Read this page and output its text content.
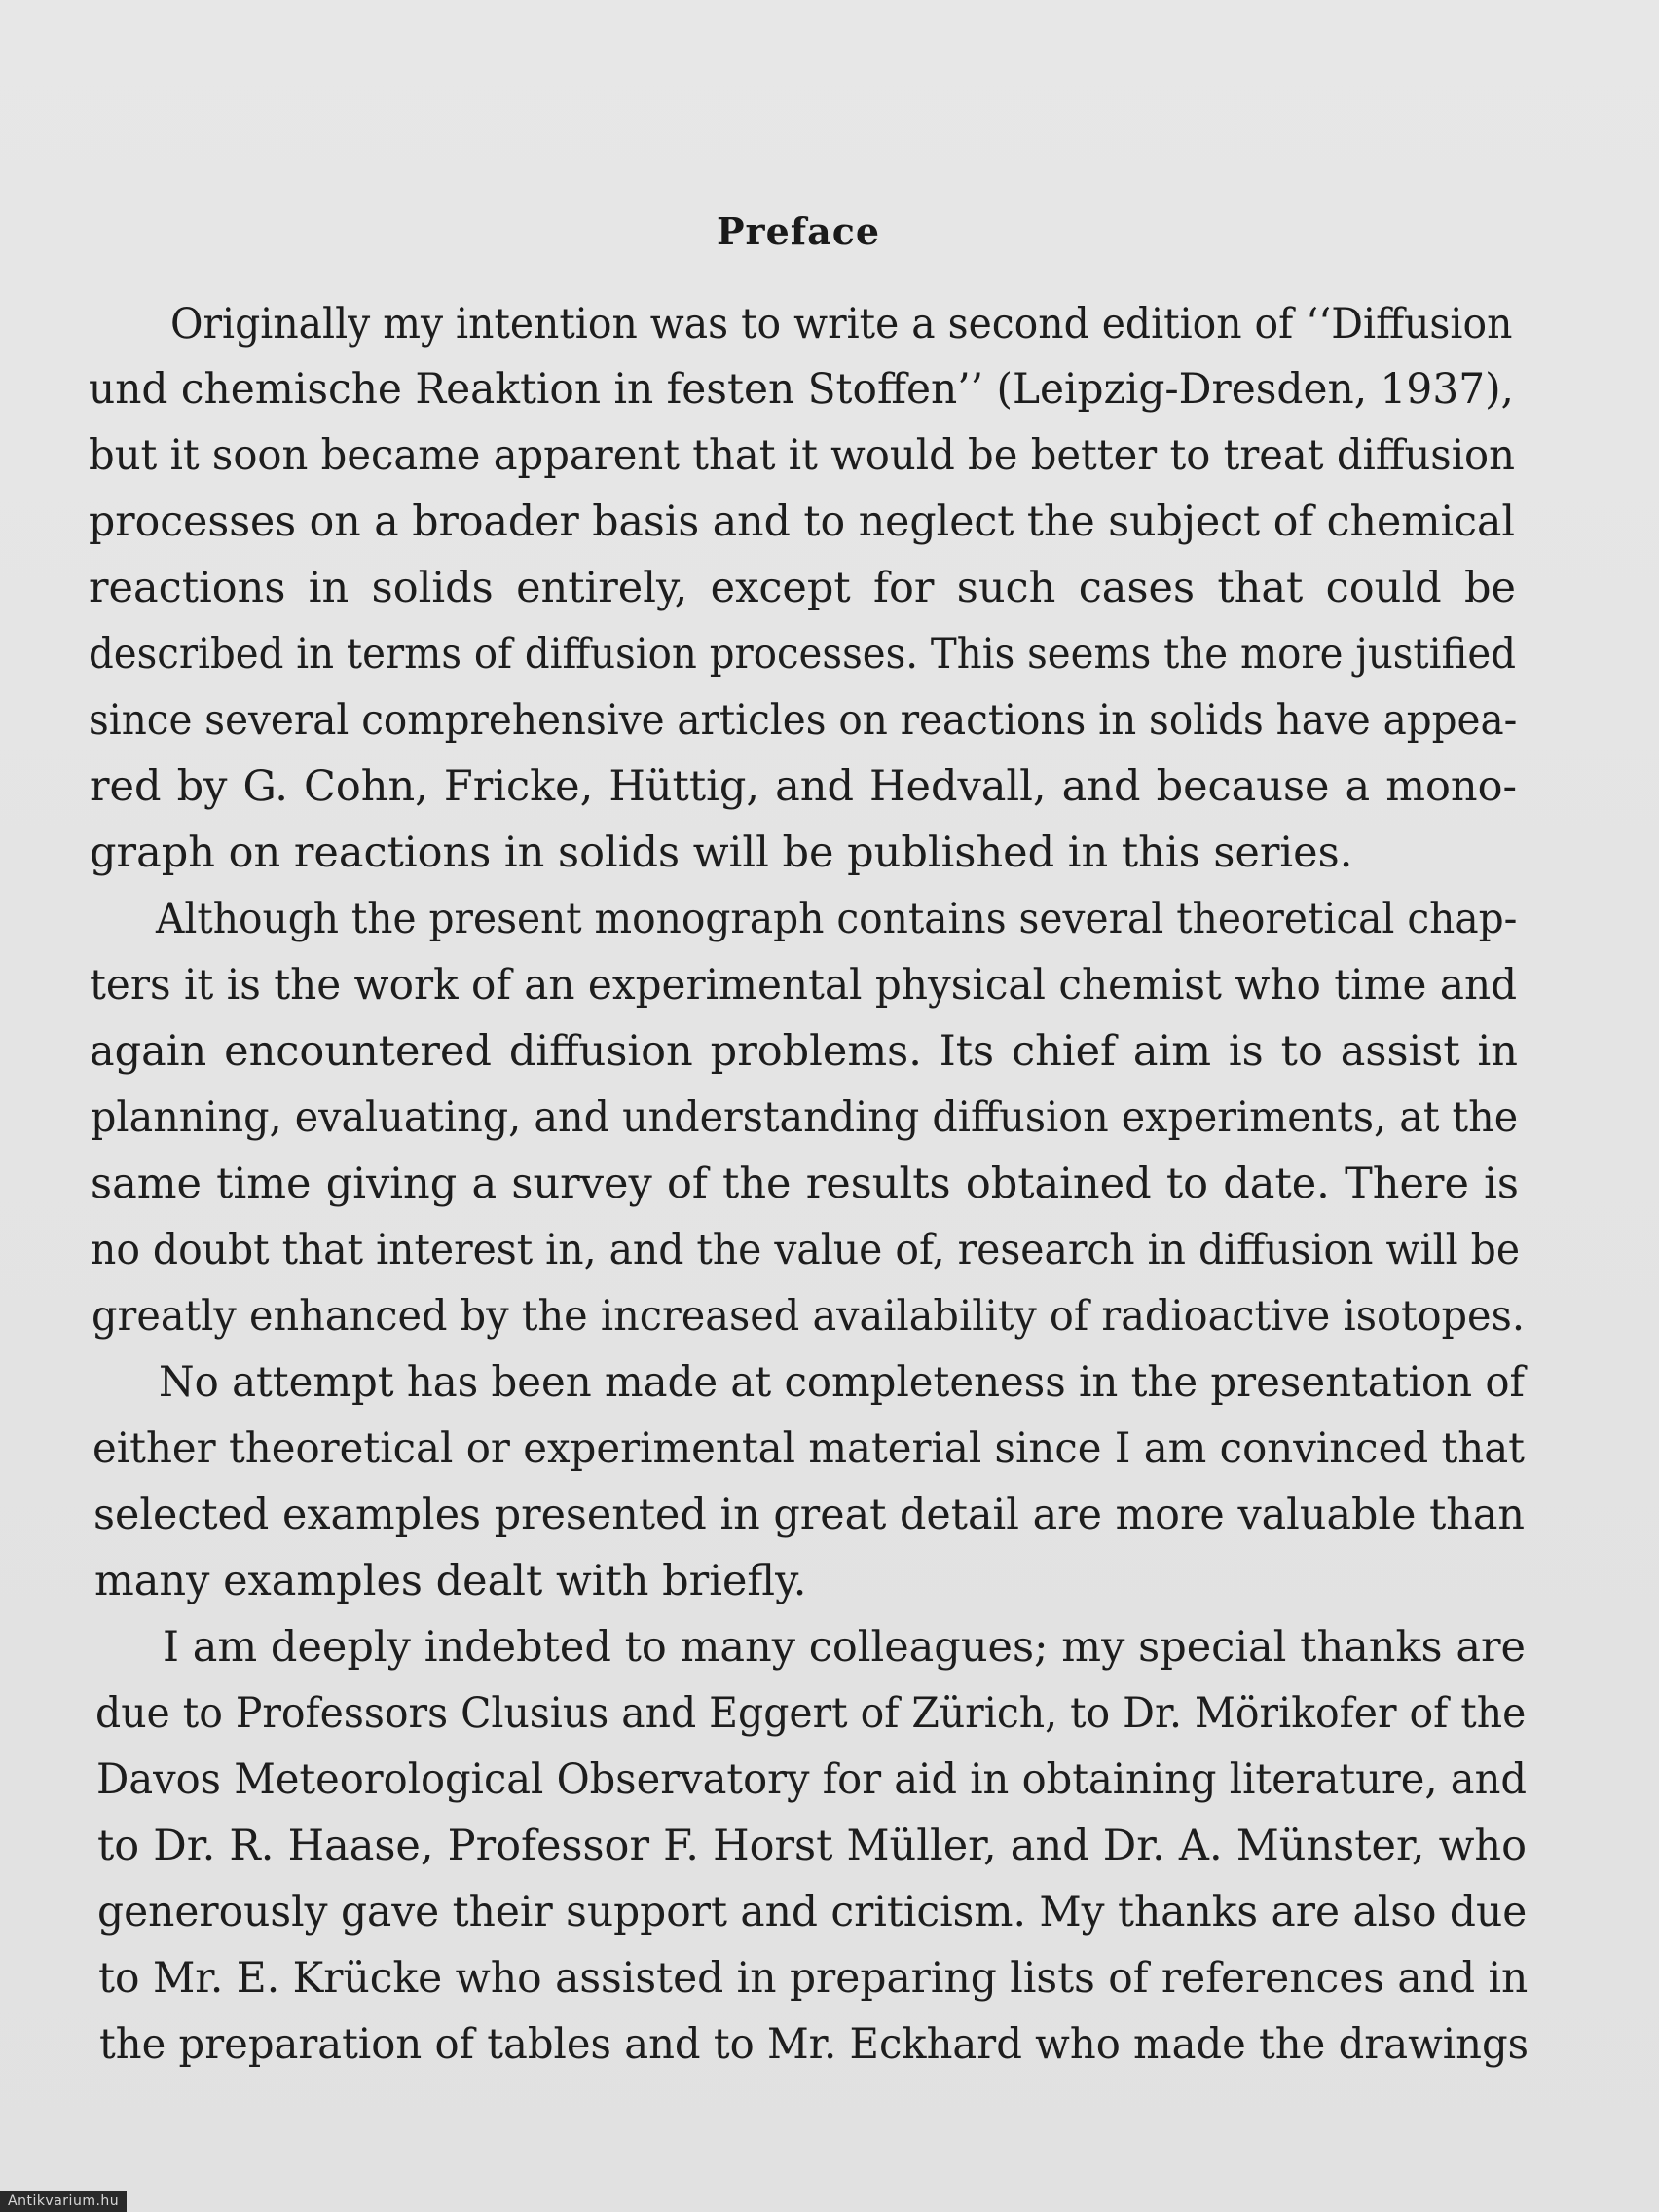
Preface
Originally my intention was to write a second edition of ‘‘Diffusion
und chemische Reaktion in festen Stoffen’’ (Leipzig-Dresden, 1937),
but it soon became apparent that it would be better to treat diffusion
processes on a broader basis and to neglect the subject of chemical
reactions in solids entirely, except for such cases that could be
described in terms of diffusion processes. This seems the more justified
since several comprehensive articles on reactions in solids have appea-
red by G. Cohn, Fricke, Hüttig, and Hedvall, and because a mono-
graph on reactions in solids will be published in this series.
Although the present monograph contains several theoretical chap-
ters it is the work of an experimental physical chemist who time and
again encountered diffusion problems. Its chief aim is to assist in
planning, evaluating, and understanding diffusion experiments, at the
same time giving a survey of the results obtained to date. There is
no doubt that interest in, and the value of, research in diffusion will be
greatly enhanced by the increased availability of radioactive isotopes.
No attempt has been made at completeness in the presentation of
either theoretical or experimental material since I am convinced that
selected examples presented in great detail are more valuable than
many examples dealt with briefly.
I am deeply indebted to many colleagues; my special thanks are
due to Professors Clusius and Eggert of Zürich, to Dr. Mörikofer of the
Davos Meteorological Observatory for aid in obtaining literature, and
to Dr. R. Haase, Professor F. Horst Müller, and Dr. A. Münster, who
generously gave their support and criticism. My thanks are also due
to Mr. E. Krücke who assisted in preparing lists of references and in
the preparation of tables and to Mr. Eckhard who made the drawings
Antikvarium.hu
